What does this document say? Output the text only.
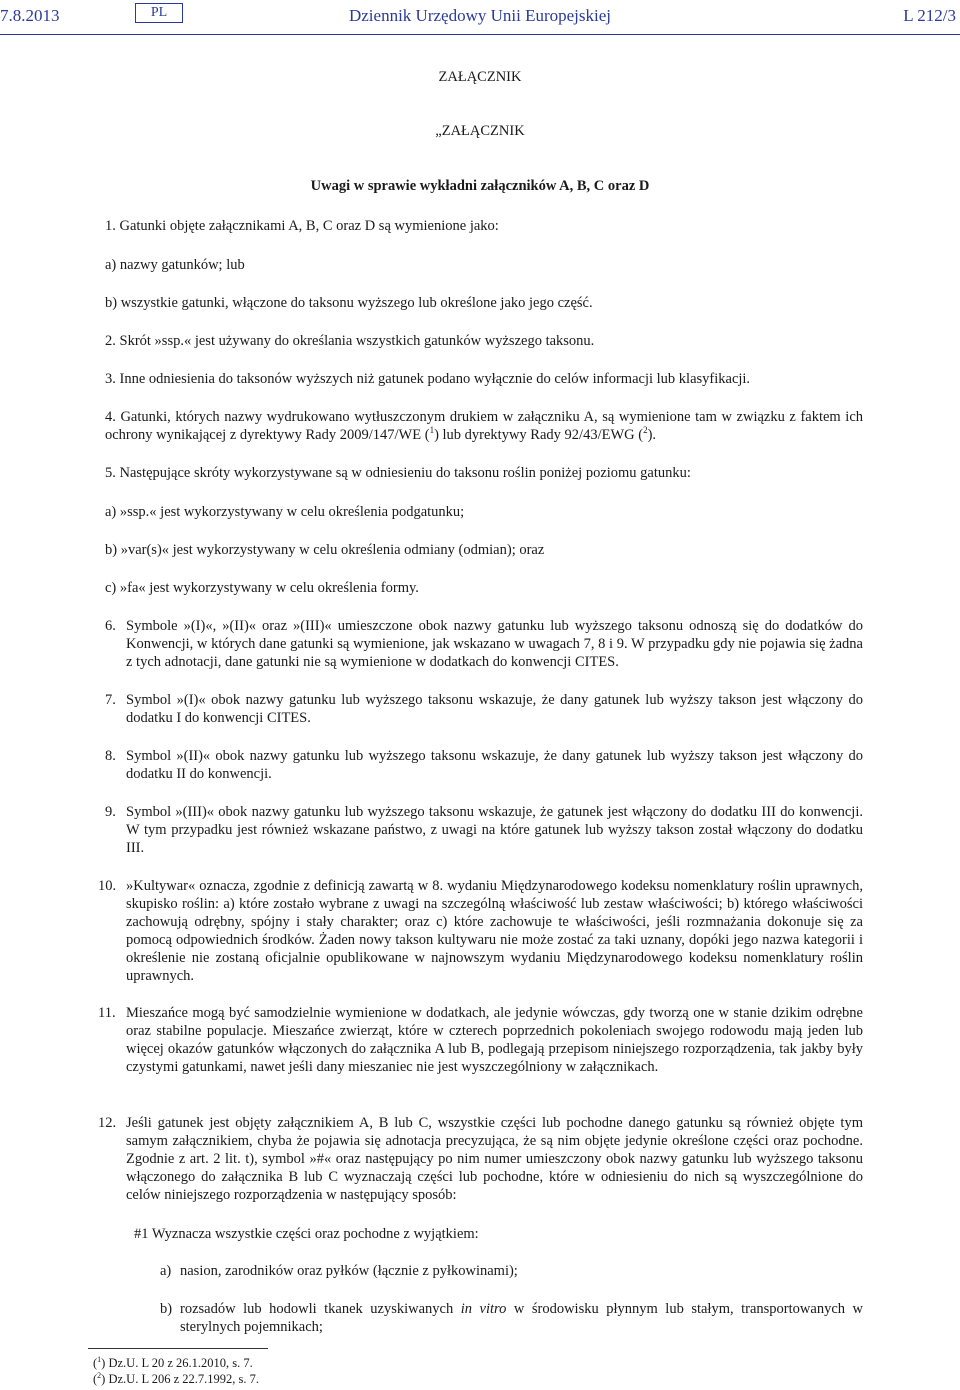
7.8.2013	PL	Dziennik Urzędowy Unii Europejskiej	L 212/3
ZAŁĄCZNIK
„ZAŁĄCZNIK
Uwagi w sprawie wykładni załączników A, B, C oraz D
1. Gatunki objęte załącznikami A, B, C oraz D są wymienione jako:
a) nazwy gatunków; lub
b) wszystkie gatunki, włączone do taksonu wyższego lub określone jako jego część.
2. Skrót »ssp.« jest używany do określania wszystkich gatunków wyższego taksonu.
3. Inne odniesienia do taksonów wyższych niż gatunek podano wyłącznie do celów informacji lub klasyfikacji.
4. Gatunki, których nazwy wydrukowano wytłuszczonym drukiem w załączniku A, są wymienione tam w związku z faktem ich ochrony wynikającej z dyrektywy Rady 2009/147/WE ($^1$) lub dyrektywy Rady 92/43/EWG ($^2$).
5. Następujące skróty wykorzystywane są w odniesieniu do taksonu roślin poniżej poziomu gatunku:
a) »ssp.« jest wykorzystywany w celu określenia podgatunku;
b) »var(s)« jest wykorzystywany w celu określenia odmiany (odmian); oraz
c) »fa« jest wykorzystywany w celu określenia formy.
6. Symbole »(I)«, »(II)« oraz »(III)« umieszczone obok nazwy gatunku lub wyższego taksonu odnoszą się do dodatków do Konwencji, w których dane gatunki są wymienione, jak wskazano w uwagach 7, 8 i 9. W przypadku gdy nie pojawia się żadna z tych adnotacji, dane gatunki nie są wymienione w dodatkach do konwencji CITES.
7. Symbol »(I)« obok nazwy gatunku lub wyższego taksonu wskazuje, że dany gatunek lub wyższy takson jest włączony do dodatku I do konwencji CITES.
8. Symbol »(II)« obok nazwy gatunku lub wyższego taksonu wskazuje, że dany gatunek lub wyższy takson jest włączony do dodatku II do konwencji.
9. Symbol »(III)« obok nazwy gatunku lub wyższego taksonu wskazuje, że gatunek jest włączony do dodatku III do konwencji. W tym przypadku jest również wskazane państwo, z uwagi na które gatunek lub wyższy takson został włączony do dodatku III.
10. »Kultywar« oznacza, zgodnie z definicją zawartą w 8. wydaniu Międzynarodowego kodeksu nomenklatury roślin uprawnych, skupisko roślin: a) które zostało wybrane z uwagi na szczególną właściwość lub zestaw właściwości; b) którego właściwości zachowują odrębny, spójny i stały charakter; oraz c) które zachowuje te właściwości, jeśli rozmnażania dokonuje się za pomocą odpowiednich środków. Żaden nowy takson kultywaru nie może zostać za taki uznany, dopóki jego nazwa kategorii i określenie nie zostaną oficjalnie opublikowane w najnowszym wydaniu Międzynarodowego kodeksu nomenklatury roślin uprawnych.
11. Mieszańce mogą być samodzielnie wymienione w dodatkach, ale jedynie wówczas, gdy tworzą one w stanie dzikim odrębne oraz stabilne populacje. Mieszańce zwierząt, które w czterech poprzednich pokoleniach swojego rodowodu mają jeden lub więcej okazów gatunków włączonych do załącznika A lub B, podlegają przepisom niniejszego rozporządzenia, tak jakby były czystymi gatunkami, nawet jeśli dany mieszaniec nie jest wyszczególniony w załącznikach.
12. Jeśli gatunek jest objęty załącznikiem A, B lub C, wszystkie części lub pochodne danego gatunku są również objęte tym samym załącznikiem, chyba że pojawia się adnotacja precyzująca, że są nim objęte jedynie określone części oraz pochodne. Zgodnie z art. 2 lit. t), symbol »#« oraz następujący po nim numer umieszczony obok nazwy gatunku lub wyższego taksonu włączonego do załącznika B lub C wyznaczają części lub pochodne, które w odniesieniu do nich są wyszczególnione do celów niniejszego rozporządzenia w następujący sposób:
#1 Wyznacza wszystkie części oraz pochodne z wyjątkiem:
a) nasion, zarodników oraz pyłków (łącznie z pyłkowinami);
b) rozsadów lub hodowli tkanek uzyskiwanych in vitro w środowisku płynnym lub stałym, transportowanych w sterylnych pojemnikach;
($^1$) Dz.U. L 20 z 26.1.2010, s. 7.
($^2$) Dz.U. L 206 z 22.7.1992, s. 7.
